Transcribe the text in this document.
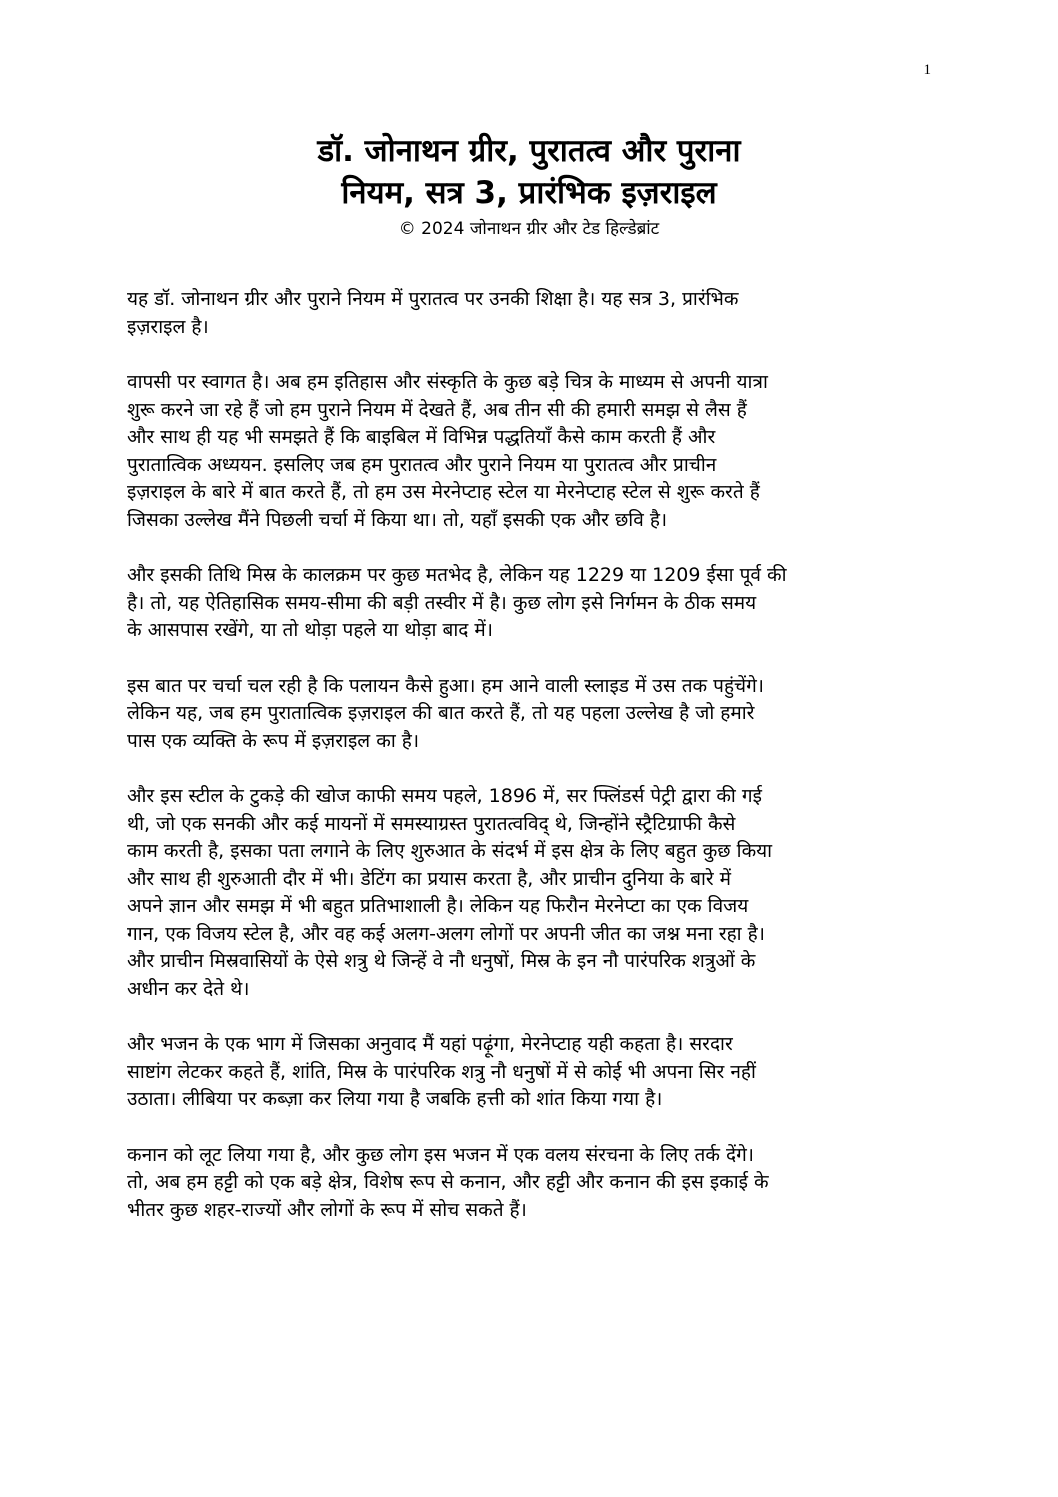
1
डॉ. जोनाथन ग्रीर, पुरातत्व और पुराना
नियम, सत्र 3, प्रारंभिक इज़राइल
© 2024 जोनाथन ग्रीर और टेड हिल्डेब्रांट

यह डॉ. जोनाथन ग्रीर और पुराने नियम में पुरातत्व पर उनकी शिक्षा है। यह सत्र 3, प्रारंभिक
इज़राइल है।

वापसी पर स्वागत है। अब हम इतिहास और संस्कृति के कुछ बड़े चित्र के माध्यम से अपनी यात्रा
शुरू करने जा रहे हैं जो हम पुराने नियम में देखते हैं, अब तीन सी की हमारी समझ से लैस हैं
और साथ ही यह भी समझते हैं कि बाइबिल में विभिन्न पद्धतियाँ कैसे काम करती हैं और
पुरातात्विक अध्ययन. इसलिए जब हम पुरातत्व और पुराने नियम या पुरातत्व और प्राचीन
इज़राइल के बारे में बात करते हैं, तो हम उस मेरनेप्टाह स्टेल या मेरनेप्टाह स्टेल से शुरू करते हैं
जिसका उल्लेख मैंने पिछली चर्चा में किया था। तो, यहाँ इसकी एक और छवि है।

और इसकी तिथि मिस्र के कालक्रम पर कुछ मतभेद है, लेकिन यह 1229 या 1209 ईसा पूर्व की
है। तो, यह ऐतिहासिक समय-सीमा की बड़ी तस्वीर में है। कुछ लोग इसे निर्गमन के ठीक समय
के आसपास रखेंगे, या तो थोड़ा पहले या थोड़ा बाद में।

इस बात पर चर्चा चल रही है कि पलायन कैसे हुआ। हम आने वाली स्लाइड में उस तक पहुंचेंगे।
लेकिन यह, जब हम पुरातात्विक इज़राइल की बात करते हैं, तो यह पहला उल्लेख है जो हमारे
पास एक व्यक्ति के रूप में इज़राइल का है।

और इस स्टील के टुकड़े की खोज काफी समय पहले, 1896 में, सर फ्लिंडर्स पेट्री द्वारा की गई
थी, जो एक सनकी और कई मायनों में समस्याग्रस्त पुरातत्वविद् थे, जिन्होंने स्ट्रैटिग्राफी कैसे
काम करती है, इसका पता लगाने के लिए शुरुआत के संदर्भ में इस क्षेत्र के लिए बहुत कुछ किया
और साथ ही शुरुआती दौर में भी। डेटिंग का प्रयास करता है, और प्राचीन दुनिया के बारे में
अपने ज्ञान और समझ में भी बहुत प्रतिभाशाली है। लेकिन यह फिरौन मेरनेप्टा का एक विजय
गान, एक विजय स्टेल है, और वह कई अलग-अलग लोगों पर अपनी जीत का जश्न मना रहा है।
और प्राचीन मिस्रवासियों के ऐसे शत्रु थे जिन्हें वे नौ धनुषों, मिस्र के इन नौ पारंपरिक शत्रुओं के
अधीन कर देते थे।

और भजन के एक भाग में जिसका अनुवाद मैं यहां पढ़ूंगा, मेरनेप्टाह यही कहता है। सरदार
साष्टांग लेटकर कहते हैं, शांति, मिस्र के पारंपरिक शत्रु नौ धनुषों में से कोई भी अपना सिर नहीं
उठाता। लीबिया पर कब्ज़ा कर लिया गया है जबकि हत्ती को शांत किया गया है।

कनान को लूट लिया गया है, और कुछ लोग इस भजन में एक वलय संरचना के लिए तर्क देंगे।
तो, अब हम हट्टी को एक बड़े क्षेत्र, विशेष रूप से कनान, और हट्टी और कनान की इस इकाई के
भीतर कुछ शहर-राज्यों और लोगों के रूप में सोच सकते हैं।
